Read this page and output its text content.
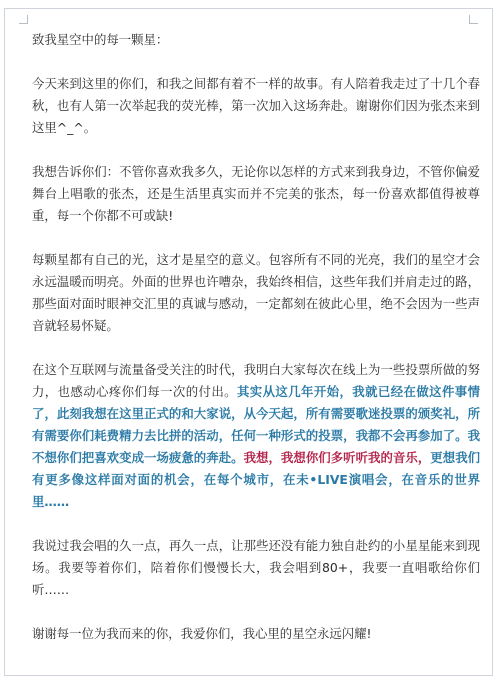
致我星空中的每一颗星：

今天来到这里的你们，和我之间都有着不一样的故事。有人陪着我走过了十几个春秋，也有人第一次举起我的荧光棒，第一次加入这场奔赴。谢谢你们因为张杰来到这里^_^。

我想告诉你们：不管你喜欢我多久，无论你以怎样的方式来到我身边，不管你偏爱舞台上唱歌的张杰，还是生活里真实而并不完美的张杰，每一份喜欢都值得被尊重，每一个你都不可或缺!

每颗星都有自己的光，这才是星空的意义。包容所有不同的光亮，我们的星空才会永远温暖而明亮。外面的世界也许嘈杂，我始终相信，这些年我们并肩走过的路，那些面对面时眼神交汇里的真诚与感动，一定都刻在彼此心里，绝不会因为一些声音就轻易怀疑。

在这个互联网与流量备受关注的时代，我明白大家每次在线上为一些投票所做的努力，也感动心疼你们每一次的付出。其实从这几年开始，我就已经在做这件事情了，此刻我想在这里正式的和大家说，从今天起，所有需要歌迷投票的颁奖礼，所有需要你们耗费精力去比拼的活动，任何一种形式的投票，我都不会再参加了。我不想你们把喜欢变成一场疲惫的奔赴。我想，我想你们多听听我的音乐，更想我们有更多像这样面对面的机会，在每个城市，在未•LIVE演唱会，在音乐的世界里……

我说过我会唱的久一点，再久一点，让那些还没有能力独自赴约的小星星能来到现场。我要等着你们，陪着你们慢慢长大，我会唱到80+，我要一直唱歌给你们听……

谢谢每一位为我而来的你，我爱你们，我心里的星空永远闪耀!
